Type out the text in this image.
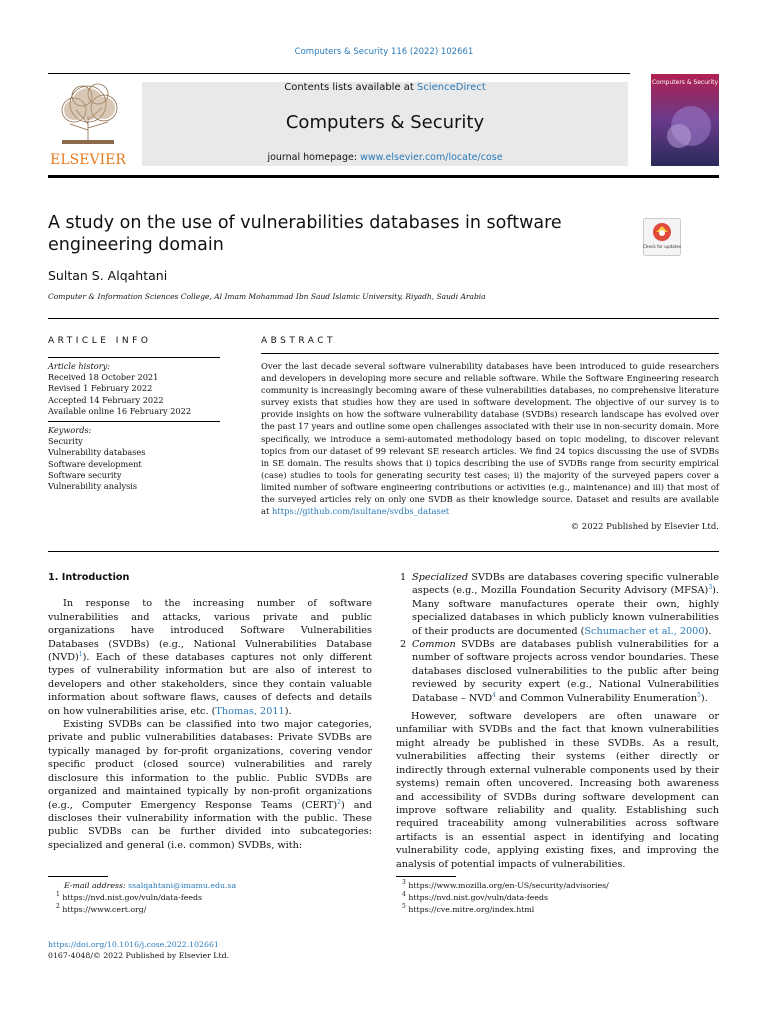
Computers & Security 116 (2022) 102661
ELSEVIER
Contents lists available at ScienceDirect
Computers & Security
journal homepage: www.elsevier.com/locate/cose
Computers & Security
A study on the use of vulnerabilities databases in software engineering domain	Check for updates
Sultan S. Alqahtani
Computer & Information Sciences College, Al Imam Mohammad Ibn Saud Islamic University, Riyadh, Saudi Arabia
ARTICLE INFO
Article history:
Received 18 October 2021
Revised 1 February 2022
Accepted 14 February 2022
Available online 16 February 2022
Keywords:
Security
Vulnerability databases
Software development
Software security
Vulnerability analysis
ABSTRACT
Over the last decade several software vulnerability databases have been introduced to guide researchers and developers in developing more secure and reliable software. While the Software Engineering research community is increasingly becoming aware of these vulnerabilities databases, no comprehensive literature survey exists that studies how they are used in software development. The objective of our survey is to provide insights on how the software vulnerability database (SVDBs) research landscape has evolved over the past 17 years and outline some open challenges associated with their use in non-security domain. More specifically, we introduce a semi-automated methodology based on topic modeling, to discover relevant topics from our dataset of 99 relevant SE research articles. We find 24 topics discussing the use of SVDBs in SE domain. The results shows that i) topics describing the use of SVDBs range from security empirical (case) studies to tools for generating security test cases; ii) the majority of the surveyed papers cover a limited number of software engineering contributions or activities (e.g., maintenance) and iii) that most of the surveyed articles rely on only one SVDB as their knowledge source. Dataset and results are available at https://github.com/isultane/svdbs_dataset
© 2022 Published by Elsevier Ltd.

1. Introduction

In response to the increasing number of software vulnerabilities and attacks, various private and public organizations have introduced Software Vulnerabilities Databases (SVDBs) (e.g., National Vulnerabilities Database (NVD)$^1$). Each of these databases captures not only different types of vulnerability information but are also of interest to developers and other stakeholders, since they contain valuable information about software flaws, causes of defects and details on how vulnerabilities arise, etc. (Thomas, 2011).

Existing SVDBs can be classified into two major categories, private and public vulnerabilities databases: Private SVDBs are typically managed by for-profit organizations, covering vendor specific product (closed source) vulnerabilities and rarely disclosure this information to the public. Public SVDBs are organized and maintained typically by non-profit organizations (e.g., Computer Emergency Response Teams (CERT)$^2$) and discloses their vulnerability information with the public. These public SVDBs can be further divided into subcategories: specialized and general (i.e. common) SVDBs, with:

1 Specialized SVDBs are databases covering specific vulnerable aspects (e.g., Mozilla Foundation Security Advisory (MFSA)$^3$). Many software manufactures operate their own, highly specialized databases in which publicly known vulnerabilities of their products are documented (Schumacher et al., 2000).
2 Common SVDBs are databases publish vulnerabilities for a number of software projects across vendor boundaries. These databases disclosed vulnerabilities to the public after being reviewed by security expert (e.g., National Vulnerabilities Database – NVD$^4$ and Common Vulnerability Enumeration$^5$).

However, software developers are often unaware or unfamiliar with SVDBs and the fact that known vulnerabilities might already be published in these SVDBs. As a result, vulnerabilities affecting their systems (either directly or indirectly through external vulnerable components used by their systems) remain often uncovered. Increasing both awareness and accessibility of SVDBs during software development can improve software reliability and quality. Establishing such required traceability among vulnerabilities across software artifacts is an essential aspect in identifying and locating vulnerability code, applying existing fixes, and improving the analysis of potential impacts of vulnerabilities.

E-mail address: ssalqahtani@imamu.edu.sa
$^1$ https://nvd.nist.gov/vuln/data-feeds
$^2$ https://www.cert.org/
$^3$ https://www.mozilla.org/en-US/security/advisories/
$^4$ https://nvd.nist.gov/vuln/data-feeds
$^5$ https://cve.mitre.org/index.html
https://doi.org/10.1016/j.cose.2022.102661
0167-4048/© 2022 Published by Elsevier Ltd.
